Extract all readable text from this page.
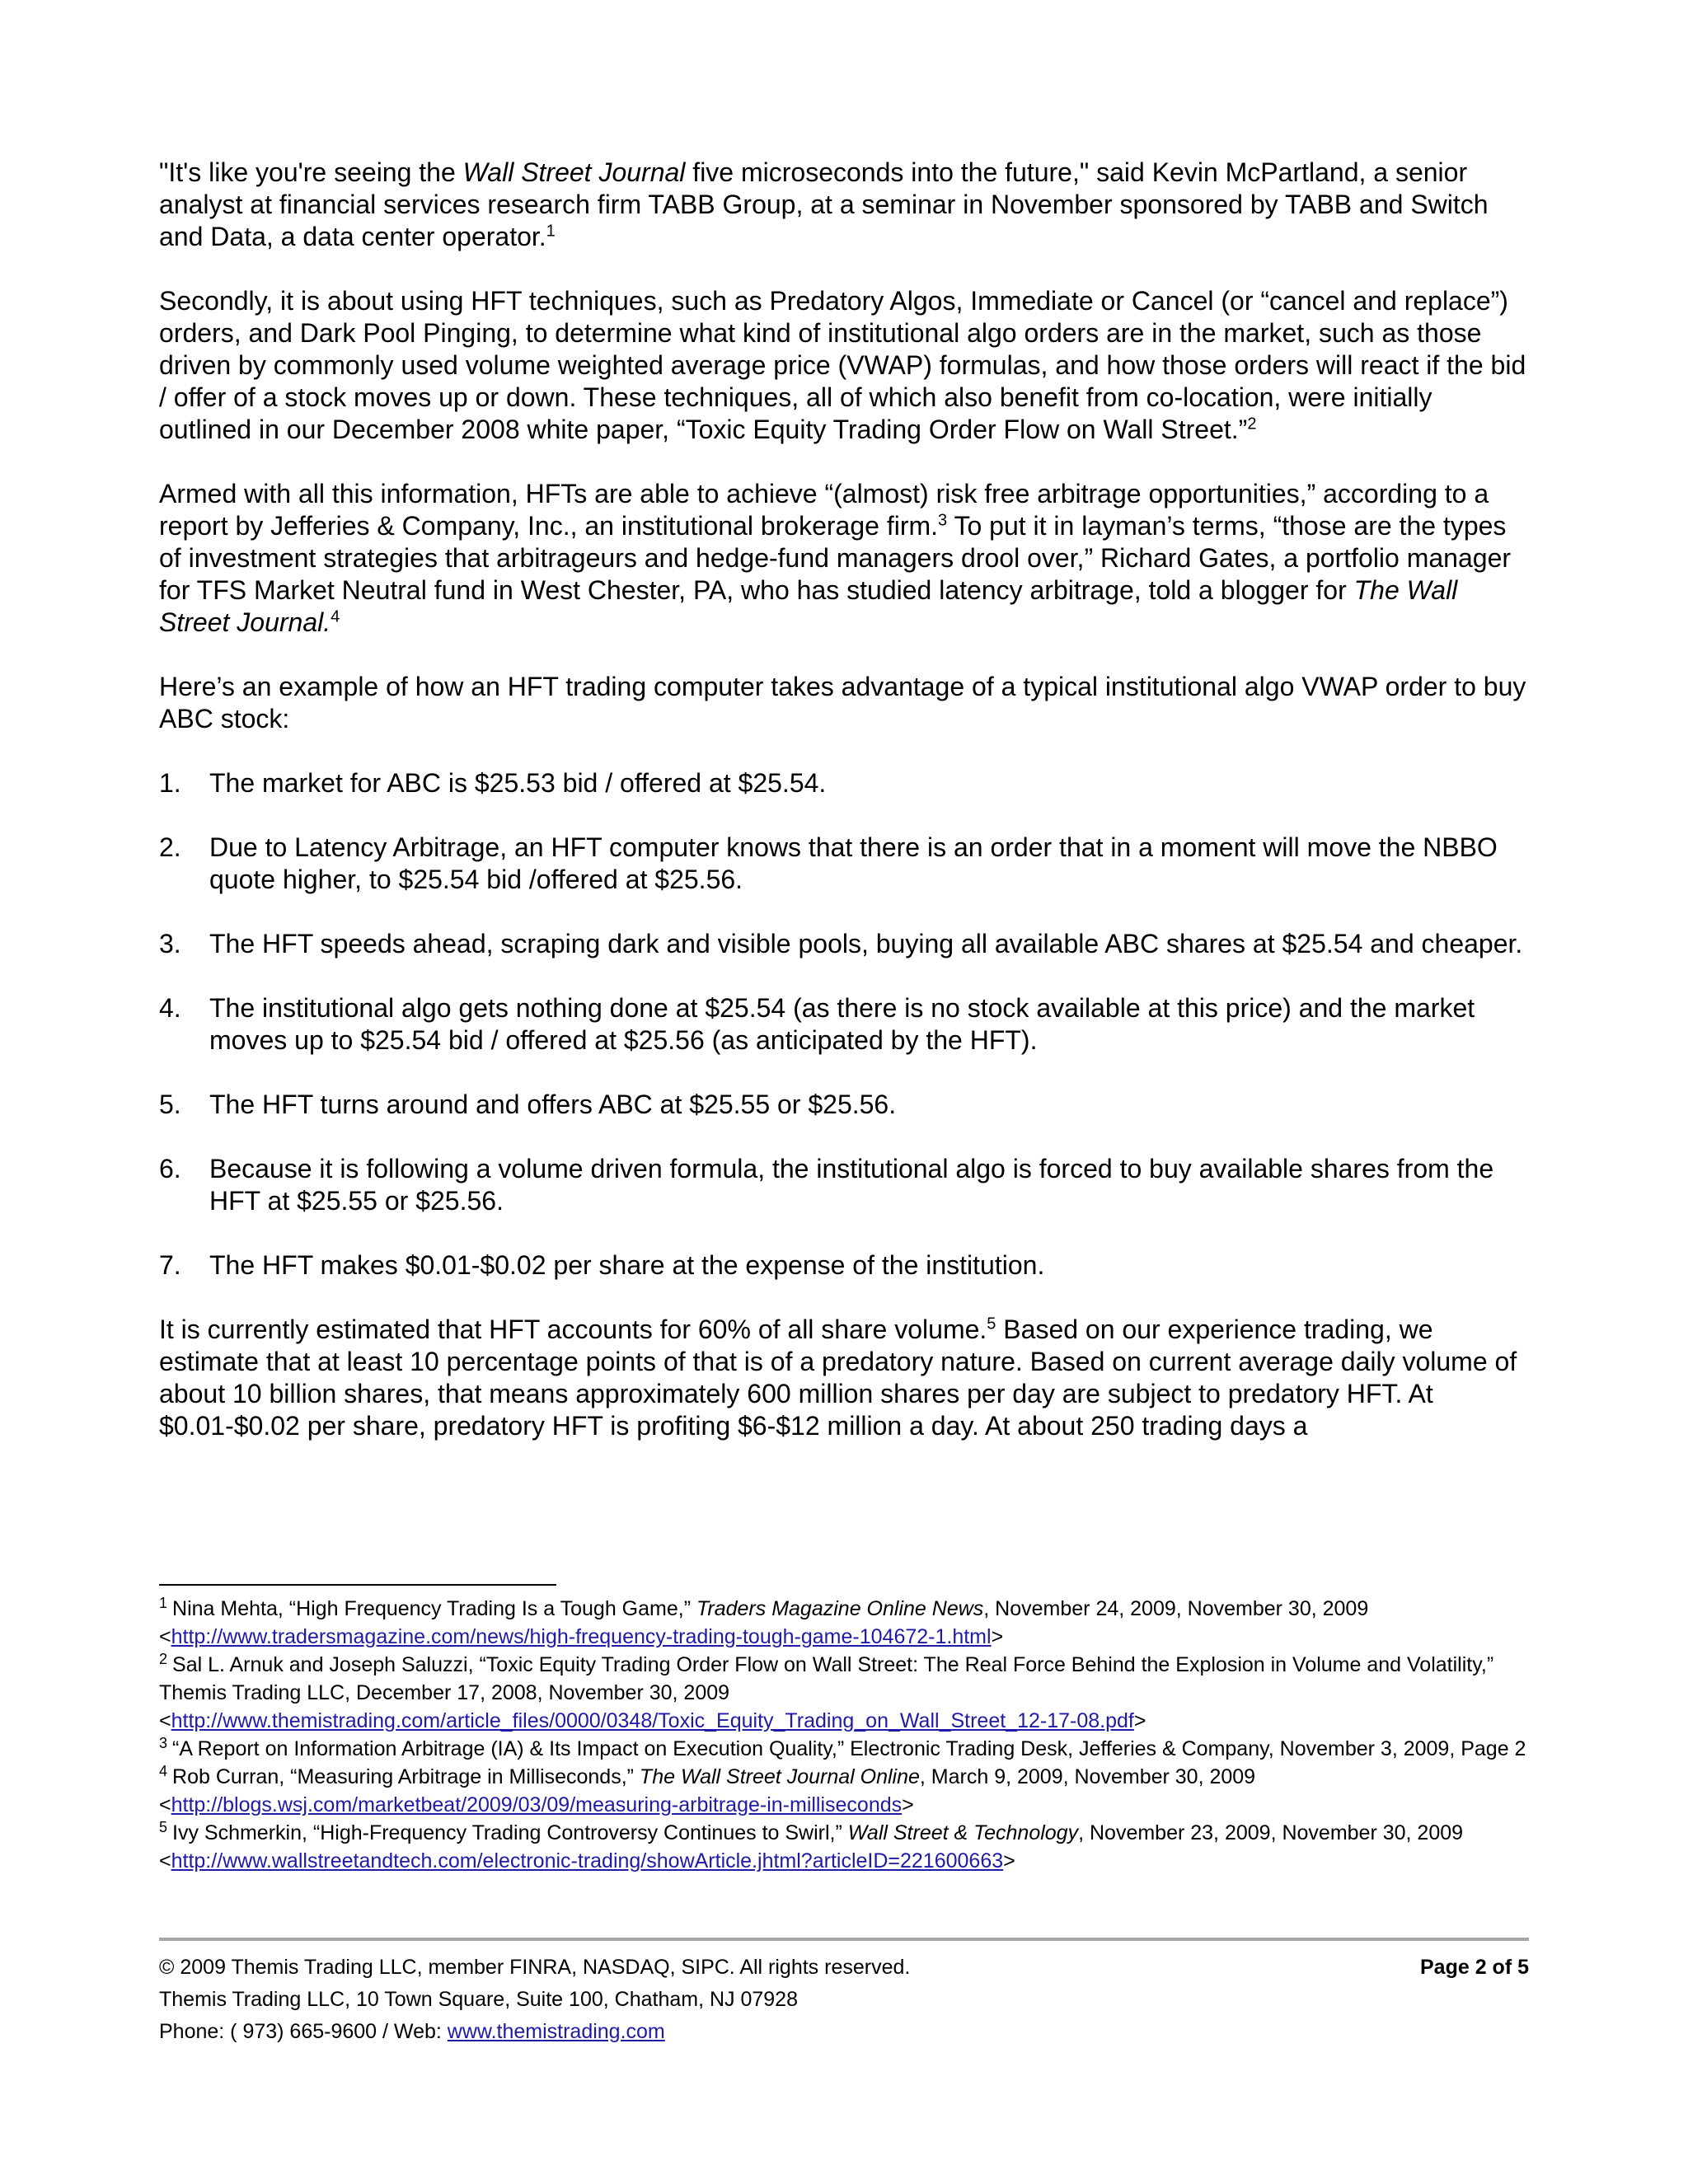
"It's like you're seeing the Wall Street Journal five microseconds into the future," said Kevin McPartland, a senior analyst at financial services research firm TABB Group, at a seminar in November sponsored by TABB and Switch and Data, a data center operator.$^1$

Secondly, it is about using HFT techniques, such as Predatory Algos, Immediate or Cancel (or “cancel and replace”) orders, and Dark Pool Pinging, to determine what kind of institutional algo orders are in the market, such as those driven by commonly used volume weighted average price (VWAP) formulas, and how those orders will react if the bid / offer of a stock moves up or down. These techniques, all of which also benefit from co-location, were initially outlined in our December 2008 white paper, “Toxic Equity Trading Order Flow on Wall Street.”$^2$

Armed with all this information, HFTs are able to achieve “(almost) risk free arbitrage opportunities,” according to a report by Jefferies & Company, Inc., an institutional brokerage firm.$^3$ To put it in layman’s terms, “those are the types of investment strategies that arbitrageurs and hedge-fund managers drool over,” Richard Gates, a portfolio manager for TFS Market Neutral fund in West Chester, PA, who has studied latency arbitrage, told a blogger for The Wall Street Journal.$^4$

Here’s an example of how an HFT trading computer takes advantage of a typical institutional algo VWAP order to buy ABC stock:

1.	The market for ABC is $25.53 bid / offered at $25.54.
2.	Due to Latency Arbitrage, an HFT computer knows that there is an order that in a moment will move the NBBO quote higher, to $25.54 bid /offered at $25.56.
3.	The HFT speeds ahead, scraping dark and visible pools, buying all available ABC shares at $25.54 and cheaper.
4.	The institutional algo gets nothing done at $25.54 (as there is no stock available at this price) and the market moves up to $25.54 bid / offered at $25.56 (as anticipated by the HFT).
5.	The HFT turns around and offers ABC at $25.55 or $25.56.
6.	Because it is following a volume driven formula, the institutional algo is forced to buy available shares from the HFT at $25.55 or $25.56.
7.	The HFT makes $0.01-$0.02 per share at the expense of the institution.

It is currently estimated that HFT accounts for 60% of all share volume.$^5$ Based on our experience trading, we estimate that at least 10 percentage points of that is of a predatory nature. Based on current average daily volume of about 10 billion shares, that means approximately 600 million shares per day are subject to predatory HFT. At $0.01-$0.02 per share, predatory HFT is profiting $6-$12 million a day. At about 250 trading days a

$^1$ Nina Mehta, “High Frequency Trading Is a Tough Game,” Traders Magazine Online News, November 24, 2009, November 30, 2009
<http://www.tradersmagazine.com/news/high-frequency-trading-tough-game-104672-1.html>

$^2$ Sal L. Arnuk and Joseph Saluzzi, “Toxic Equity Trading Order Flow on Wall Street: The Real Force Behind the Explosion in Volume and Volatility,” Themis Trading LLC, December 17, 2008, November 30, 2009
<http://www.themistrading.com/article_files/0000/0348/Toxic_Equity_Trading_on_Wall_Street_12-17-08.pdf>

$^3$ “A Report on Information Arbitrage (IA) & Its Impact on Execution Quality,” Electronic Trading Desk, Jefferies & Company, November 3, 2009, Page 2

$^4$ Rob Curran, “Measuring Arbitrage in Milliseconds,” The Wall Street Journal Online, March 9, 2009, November 30, 2009
<http://blogs.wsj.com/marketbeat/2009/03/09/measuring-arbitrage-in-milliseconds>

$^5$ Ivy Schmerkin, “High-Frequency Trading Controversy Continues to Swirl,” Wall Street & Technology, November 23, 2009, November 30, 2009 <http://www.wallstreetandtech.com/electronic-trading/showArticle.jhtml?articleID=221600663>

© 2009 Themis Trading LLC, member FINRA, NASDAQ, SIPC. All rights reserved.	Page 2 of 5
Themis Trading LLC, 10 Town Square, Suite 100, Chatham, NJ 07928
Phone: ( 973) 665-9600 / Web: www.themistrading.com
